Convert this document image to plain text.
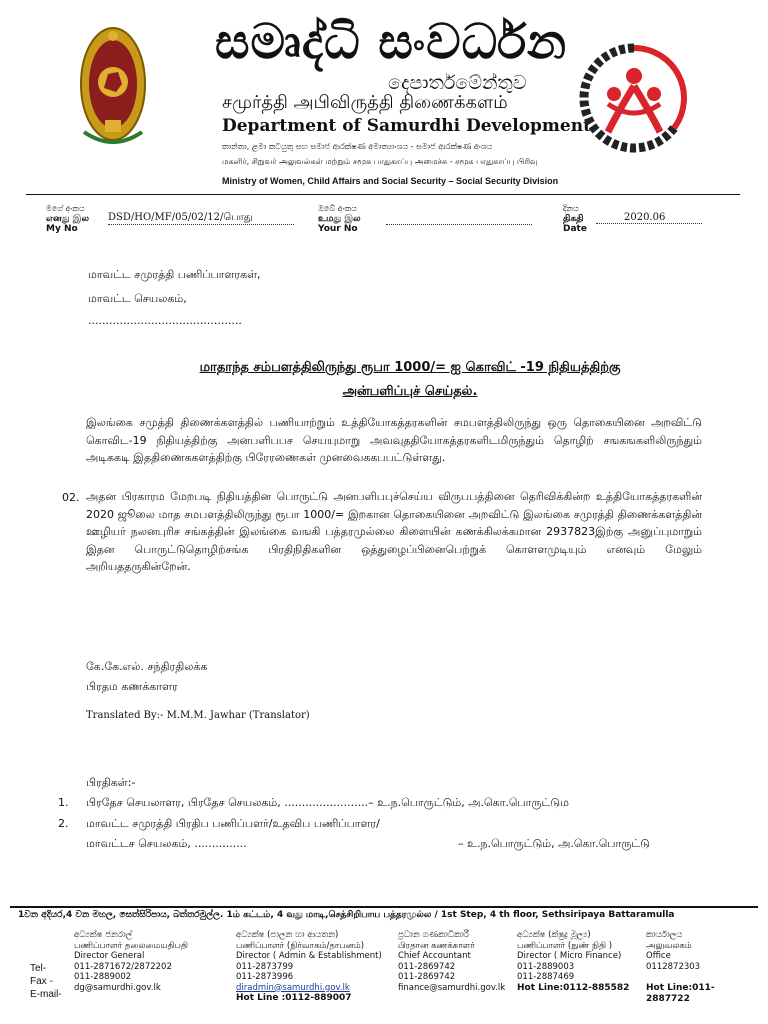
සමෘද්ධි සංවර්ධන
දෙපාර්තමේන්තුව
சமுர்த்தி அபிவிருத்தி திணைக்களம்
Department of Samurdhi Development
කාන්තා, ළමා කටයුතු සහ සමාජ ආරක්ෂණ අමාත්‍යාංශය - සමාජ ආරක්ෂණ අංශය
மகளிர், சிறுவர் அலுவல்கள் மற்றும் சமூக பாதுகாப்பு அமைச்சு - சமூக பாதுகாப்பு பிரிவு
Ministry of Women, Child Affairs and Social Security – Social Security Division
මගේ අංකය
எனது இல
My No
DSD/HO/MF/05/02/12/பொது
ඔබේ අංකය
உமது இல
Your No
දිනය
திகதி
Date
2020.06
மாவட்ட சமுரத்தி பணிப்பாளரகள்,
மாவட்ட செயலகம்,
............................................
மாதாந்த சம்பளத்திலிருந்து ரூபா 1000/= ஐ கொவிட் -19 நிதியத்திற்கு
அன்பளிப்புச் செய்தல்.
இலங்கை சமுத்தி திணைக்களத்தில் பணியாற்றும் உத்தியோகத்தரகளின் சமபளத்திலிருந்து ஒரு தொகையினை அறவிட்டு கொவிட-19 நிதியத்திற்கு அனபளிபபச செயயுமாறு அவவுததியோகத்தரகளிடமிருந்தும் தொழிற் சஙகஙகளிலிருந்தும் அடிககடி இததிணைககளத்திற்கு பிரேரணைகள் முனவைககபபட்டுள்ளது.
02. அதன பிரகாரம மேறபடி நிதியத்தின பொருட்டு அனபளிபபுச்செய்ய விருபபத்தினை தெரிவிக்கின்ற உத்தியோகத்தரகளின் 2020 ஜூலை மாத சமபளத்திலிருந்து ரூபா 1000/= இறகான தொகையினை அறவிட்டு இலங்கை சமுரத்தி திணைக்களத்தின் ஊழியர் நலனபுரிச சங்கத்தின் இலங்கை வஙகி பத்தரமுல்லை கிளையின் கணக்கிலக்கமான 2937823இற்கு அனுப்புமாறும் இதன பொருட்டுதொழிற்சங்க பிரதிநிதிகளின ஒத்துழைப்பினைபெற்றுக் கொளளமுடியும் எனவும் மேலும் அறியததருகின்றேன்.
கே.கே.எல். சந்திரதிலக்க
பிரதம கணக்காளர
Translated By:- M.M.M. Jawhar (Translator)
பிரதிகள்:-
1. பிரதேச செயலாளர, பிரதேச செயலகம், ........................– உ.ந.பொருட்டும், அ.கொ.பொருட்டும
2. மாவட்ட சமுரத்தி பிரதிப பணிப்பளர்/உதவிப பணிப்பாளர/
மாவட்டச செயலகம், ...............	– உ.ந.பொருட்டும், அ.கொ.பொருட்டு
1වන අදියර,4 වන මහල, සෙත්සිරිපාය, බත්තරමුල්ල. 1ம் கட்டம், 4 வது மாடி,செத்சிறிபாய பத்தரமுல்ல / 1st Step, 4 th floor, Sethsiripaya Battaramulla
Tel-
Fax -
E-mail-
අධ්‍යක්ෂ ජනරාල්
பணிப்பாளர் தலைமையதிபதி
Director General
011-2871672/2872202
011-2889002
dg@samurdhi.gov.lk
අධ්‍යක්ෂ (පාලන හා ආයතන)
பணிப்பாளர் (நிர்வாகம்/தாபனம்)
Director ( Admin & Establishment)
011-2873799
011-2873996
diradmin@samurdhi.gov.lk
Hot Line :0112-889007
ප්‍රධාන ගණකාධිකාරී
பிரதான கணக்காளர்
Chief Accountant
011-2869742
011-2869742
finance@samurdhi.gov.lk
අධ්‍යක්ෂ (ක්ෂුද්‍ර මූල්‍ය)
பணிப்பாளர் (நுண் நிதி )
Director ( Micro Finance)
011-2889003
011-2887469
Hot Line:0112-885582
කාර්යාලය
அலுவலகம்
Office
0112872303
Hot Line:011- 2887722
